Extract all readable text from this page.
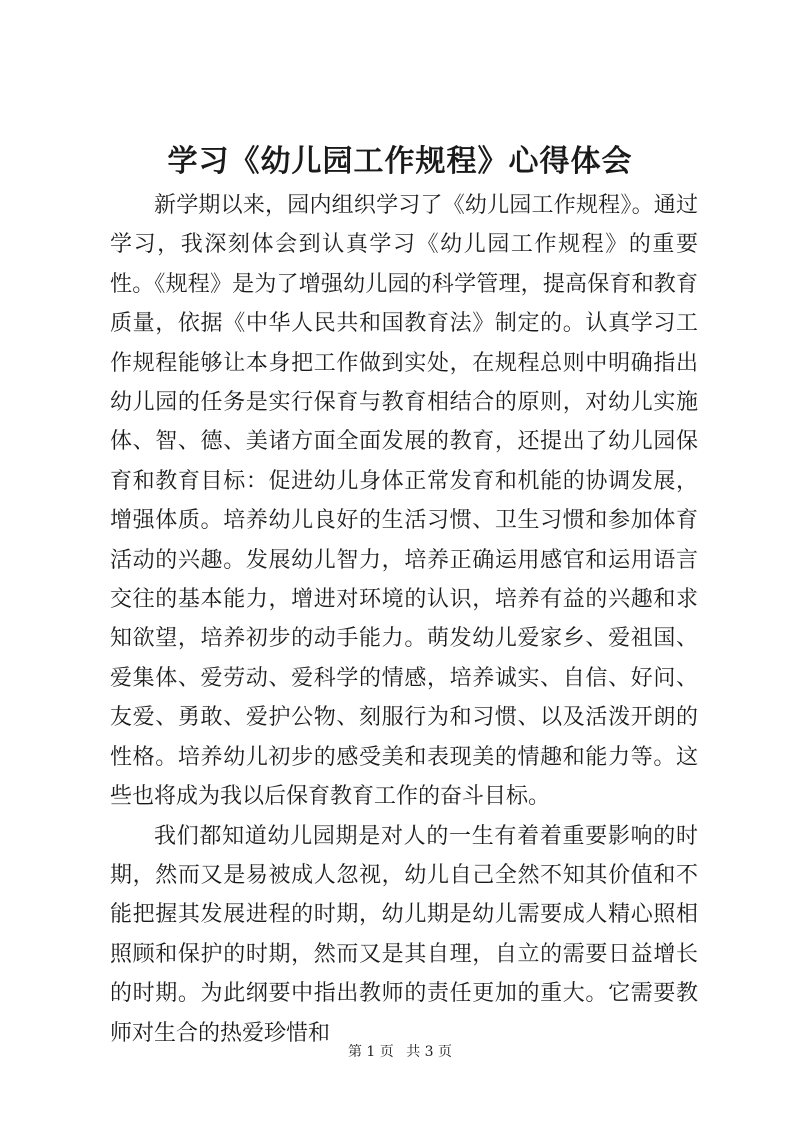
学习《幼儿园工作规程》心得体会

新学期以来，园内组织学习了《幼儿园工作规程》。通过学习，我深刻体会到认真学习《幼儿园工作规程》的重要性。《规程》是为了增强幼儿园的科学管理，提高保育和教育质量，依据《中华人民共和国教育法》制定的。认真学习工作规程能够让本身把工作做到实处，在规程总则中明确指出幼儿园的任务是实行保育与教育相结合的原则，对幼儿实施体、智、德、美诸方面全面发展的教育，还提出了幼儿园保育和教育目标：促进幼儿身体正常发育和机能的协调发展，增强体质。培养幼儿良好的生活习惯、卫生习惯和参加体育活动的兴趣。发展幼儿智力，培养正确运用感官和运用语言交往的基本能力，增进对环境的认识，培养有益的兴趣和求知欲望，培养初步的动手能力。萌发幼儿爱家乡、爱祖国、爱集体、爱劳动、爱科学的情感，培养诚实、自信、好问、友爱、勇敢、爱护公物、刻服行为和习惯、以及活泼开朗的性格。培养幼儿初步的感受美和表现美的情趣和能力等。这些也将成为我以后保育教育工作的奋斗目标。

我们都知道幼儿园期是对人的一生有着着重要影响的时期，然而又是易被成人忽视，幼儿自己全然不知其价值和不能把握其发展进程的时期，幼儿期是幼儿需要成人精心照相照顾和保护的时期，然而又是其自理，自立的需要日益增长的时期。为此纲要中指出教师的责任更加的重大。它需要教师对生合的热爱珍惜和

第 1 页 共 3 页
